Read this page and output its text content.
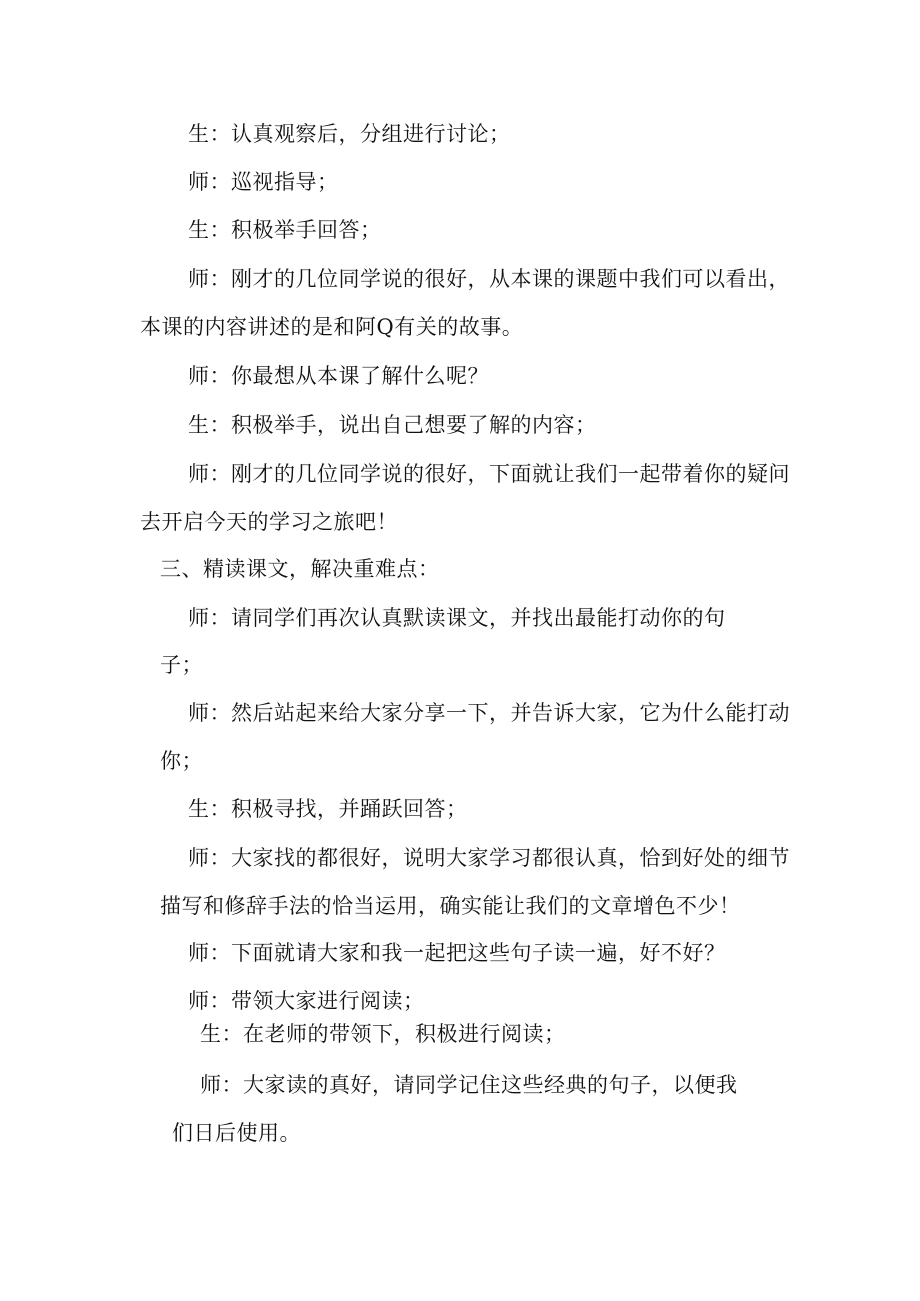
生：认真观察后，分组进行讨论；
师：巡视指导；
生：积极举手回答；
师：刚才的几位同学说的很好，从本课的课题中我们可以看出，
本课的内容讲述的是和阿Q有关的故事。
师：你最想从本课了解什么呢？
生：积极举手，说出自己想要了解的内容；
师：刚才的几位同学说的很好，下面就让我们一起带着你的疑问
去开启今天的学习之旅吧！
三、精读课文，解决重难点：
师：请同学们再次认真默读课文，并找出最能打动你的句
子；
师：然后站起来给大家分享一下，并告诉大家，它为什么能打动
你；
生：积极寻找，并踊跃回答；
师：大家找的都很好，说明大家学习都很认真，恰到好处的细节
描写和修辞手法的恰当运用，确实能让我们的文章增色不少！
师：下面就请大家和我一起把这些句子读一遍，好不好？
师：带领大家进行阅读；
生：在老师的带领下，积极进行阅读；
师：大家读的真好，请同学记住这些经典的句子，以便我
们日后使用。
